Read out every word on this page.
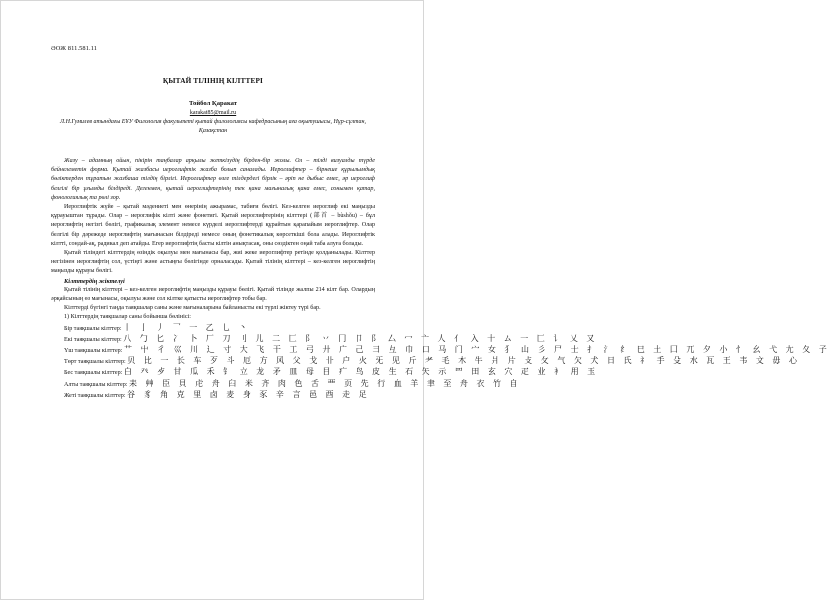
ӘОЖ 811.581.11
ҚЫТАЙ ТІЛІНІҢ КІЛТТЕРІ
Тойбол Қаракат
karakat85@mail.ru
Л.Н.Гумилев атындағы ЕҰУ Филология факультеті қытай филологиясы кафедрасының аға оқытушысы, Нұр-сұлтан, Қазақстан

Жазу – адамның ойын, пікірін таңбалар арқылы жеткізудің бірден-бір жолы. Ол – тілді визуалды түрде бейнелеметін форма. Қытай жазбасы иероглифтік жазба болып саналады. Иероглифтер – бірнеше құрылымдық бөліктерден тұратын жазбаша тілдің бірлігі. Иероглифтер өзге тілдердегі бірлік – әріп не дыбыс емес, әр иероглиф белгілі бір ұғымды білдіреді. Дегенмен, қытай иероглифтерінің тек қана мағыналық қана емес, сонымен қатар, фонологиялық та рөлі зор.

Иероглифтік жүйе – қытай мәдениеті мен өнерінің ажырамас, табиғи бөлігі. Кез-келген иероглиф екі маңызды құрауыштан тұрады. Олар – иероглифік кілті және фонетигі. Қытай иероглифтерінің кілттері (部首 – bùshǒu) – бұл иероглифтің негізгі бөлігі, графикалық элемент немесе күрделі иероглифтерді құрайтын қарапайым иероглифтер. Олар белгілі бір дәрежеде иероглифтің мағынасын білдіреді немесе оның фонетикалық көрсеткіші бола алады. Иероглифтік кілтті, сондай-ақ, радикал деп атайды. Егер иероглифтің басты кілтін анықтасақ, оны сөздіктен оңай таба алуға болады.

Қытай тіліндегі кілттердің өзіндік оқылуы мен мағынасы бар, жиі жеке иероглифтер ретінде қолданылады. Кілттер негізінен иероглифтің сол, үстіңгі және астыңғы бөлігінде орналасады. Қытай тілінің кілттері – кез-келген иероглифтің маңызды құрауы бөлігі.

Кілттердің жіктелуі

Қытай тілінің кілттері – кез-келген иероглифтің маңызды құрауы бөлігі. Қытай тілінде жалпы 214 кілт бар. Олардың әрқайсының өз мағынасы, оқылуы және сол кілтке қатысты иероглифтер тобы бар.

Кілттерді бүгінгі таңда таяқшалар саны және мағыналарына байланысты екі түрлі жіктеу түрі бар.

1) Кілттердің таяқшалар саны бойынша бөлінісі:

Бір таяқшалы кілттер: 丨 亅 丿 乛 一 乙 乚 丶

Екі таяқшалы кілттер: 八 勹 匕 冫 卜 厂 刀 刂 儿 二 匚 阝 丷 冂 卩 阝 厶 冖 亠 人 亻 入 十 ム 一 匚 讠 乂 又

Үш таяқшалы кілттер: 艹 屮 彳 巛 川 辶 寸 大 飞 干 工 弓 廾 广 己 彐 彑 巾 口 马 门 宀 女 犭 山 彡 尸 士 扌 氵 纟 巳 土 囗 兀 夕 小 忄 幺 弋 尢 夂 子

Төрт таяқшалы кілттер: 贝 比 一 长 车 歹 斗 厄 方 风 父 戈 卝 户 火 旡 见 斤 耂 毛 木 牛 爿 片 攴 攵 气 欠 犬 日 氏 礻 手 殳 水 瓦 王 韦 文 毋 心

Бес таяқшалы кілттер: 白 癶 歺 甘 瓜 禾 钅 立 龙 矛 皿 母 目 疒 鸟 皮 生 石 矢 示 罒 田 玄 穴 疋 业 衤 用 玉

Алты таяқшалы кілттер: 耒 艸 臣 貝 虍 舟 臼 米 齐 肉 色 舌 覀 页 先 行 血 羊 聿 至 舟 衣 竹 自

Жеті таяқшалы кілттер: 谷 豸 角 克 里 卤 麦 身 豕 辛 言 邑 酉 走 足
